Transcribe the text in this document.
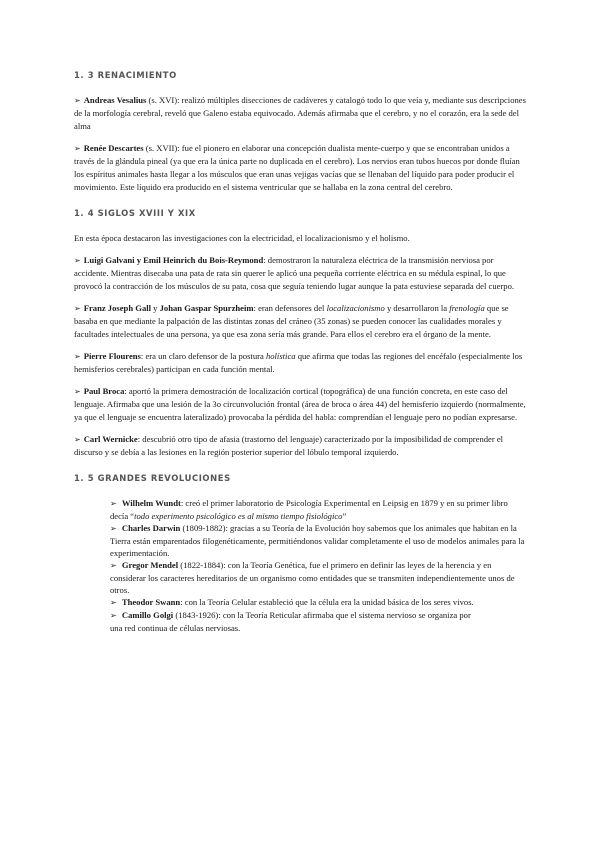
1. 3 RENACIMIENTO

➢ Andreas Vesalius (s. XVI): realizó múltiples disecciones de cadáveres y catalogó todo lo que veía y, mediante sus descripciones de la morfología cerebral, reveló que Galeno estaba equivocado. Además afirmaba que el cerebro, y no el corazón, era la sede del alma

➢ Renée Descartes (s. XVII): fue el pionero en elaborar una concepción dualista mente-cuerpo y que se encontraban unidos a través de la glándula pineal (ya que era la única parte no duplicada en el cerebro). Los nervios eran tubos huecos por donde fluían los espíritus animales hasta llegar a los músculos que eran unas vejigas vacías que se llenaban del líquido para poder producir el movimiento. Este líquido era producido en el sistema ventricular que se hallaba en la zona central del cerebro.

1. 4 SIGLOS XVIII Y XIX

En esta época destacaron las investigaciones con la electricidad, el localizacionismo y el holismo.

➢ Luigi Galvani y Emil Heinrich du Bois-Reymond: demostraron la naturaleza eléctrica de la transmisión nerviosa por accidente. Mientras disecaba una pata de rata sin querer le aplicó una pequeña corriente eléctrica en su médula espinal, lo que provocó la contracción de los músculos de su pata, cosa que seguía teniendo lugar aunque la pata estuviese separada del cuerpo.

➢ Franz Joseph Gall y Johan Gaspar Spurzheim: eran defensores del localizacionismo y desarrollaron la frenología que se basaba en que mediante la palpación de las distintas zonas del cráneo (35 zonas) se pueden conocer las cualidades morales y facultades intelectuales de una persona, ya que esa zona sería más grande. Para ellos el cerebro era el órgano de la mente.

➢ Pierre Flourens: era un claro defensor de la postura holística que afirma que todas las regiones del encéfalo (especialmente los hemisferios cerebrales) participan en cada función mental.

➢ Paul Broca: aportó la primera demostración de localización cortical (topográfica) de una función concreta, en este caso del lenguaje. Afirmaba que una lesión de la 3o circunvolución frontal (área de broca o área 44) del hemisferio izquierdo (normalmente, ya que el lenguaje se encuentra lateralizado) provocaba la pérdida del habla: comprendían el lenguaje pero no podían expresarse.

➢ Carl Wernicke: descubrió otro tipo de afasia (trastorno del lenguaje) caracterizado por la imposibilidad de comprender el discurso y se debía a las lesiones en la región posterior superior del lóbulo temporal izquierdo.

1. 5 GRANDES REVOLUCIONES

➢ Wilhelm Wundt: creó el primer laboratorio de Psicología Experimental en Leipsig en 1879 y en su primer libro decía “todo experimento psicológico es al mismo tiempo fisiológico”

➢ Charles Darwin (1809-1882): gracias a su Teoría de la Evolución hoy sabemos que los animales que habitan en la Tierra están emparentados filogenéticamente, permitiéndonos validar completamente el uso de modelos animales para la experimentación.

➢ Gregor Mendel (1822-1884): con la Teoría Genética, fue el primero en definir las leyes de la herencia y en considerar los caracteres hereditarios de un organismo como entidades que se transmiten independientemente unos de otros.

➢ Theodor Swann: con la Teoría Celular estableció que la célula era la unidad básica de los seres vivos.

➢ Camillo Golgi (1843-1926): con la Teoría Reticular afirmaba que el sistema nervioso se organiza por

una red continua de células nerviosas.
